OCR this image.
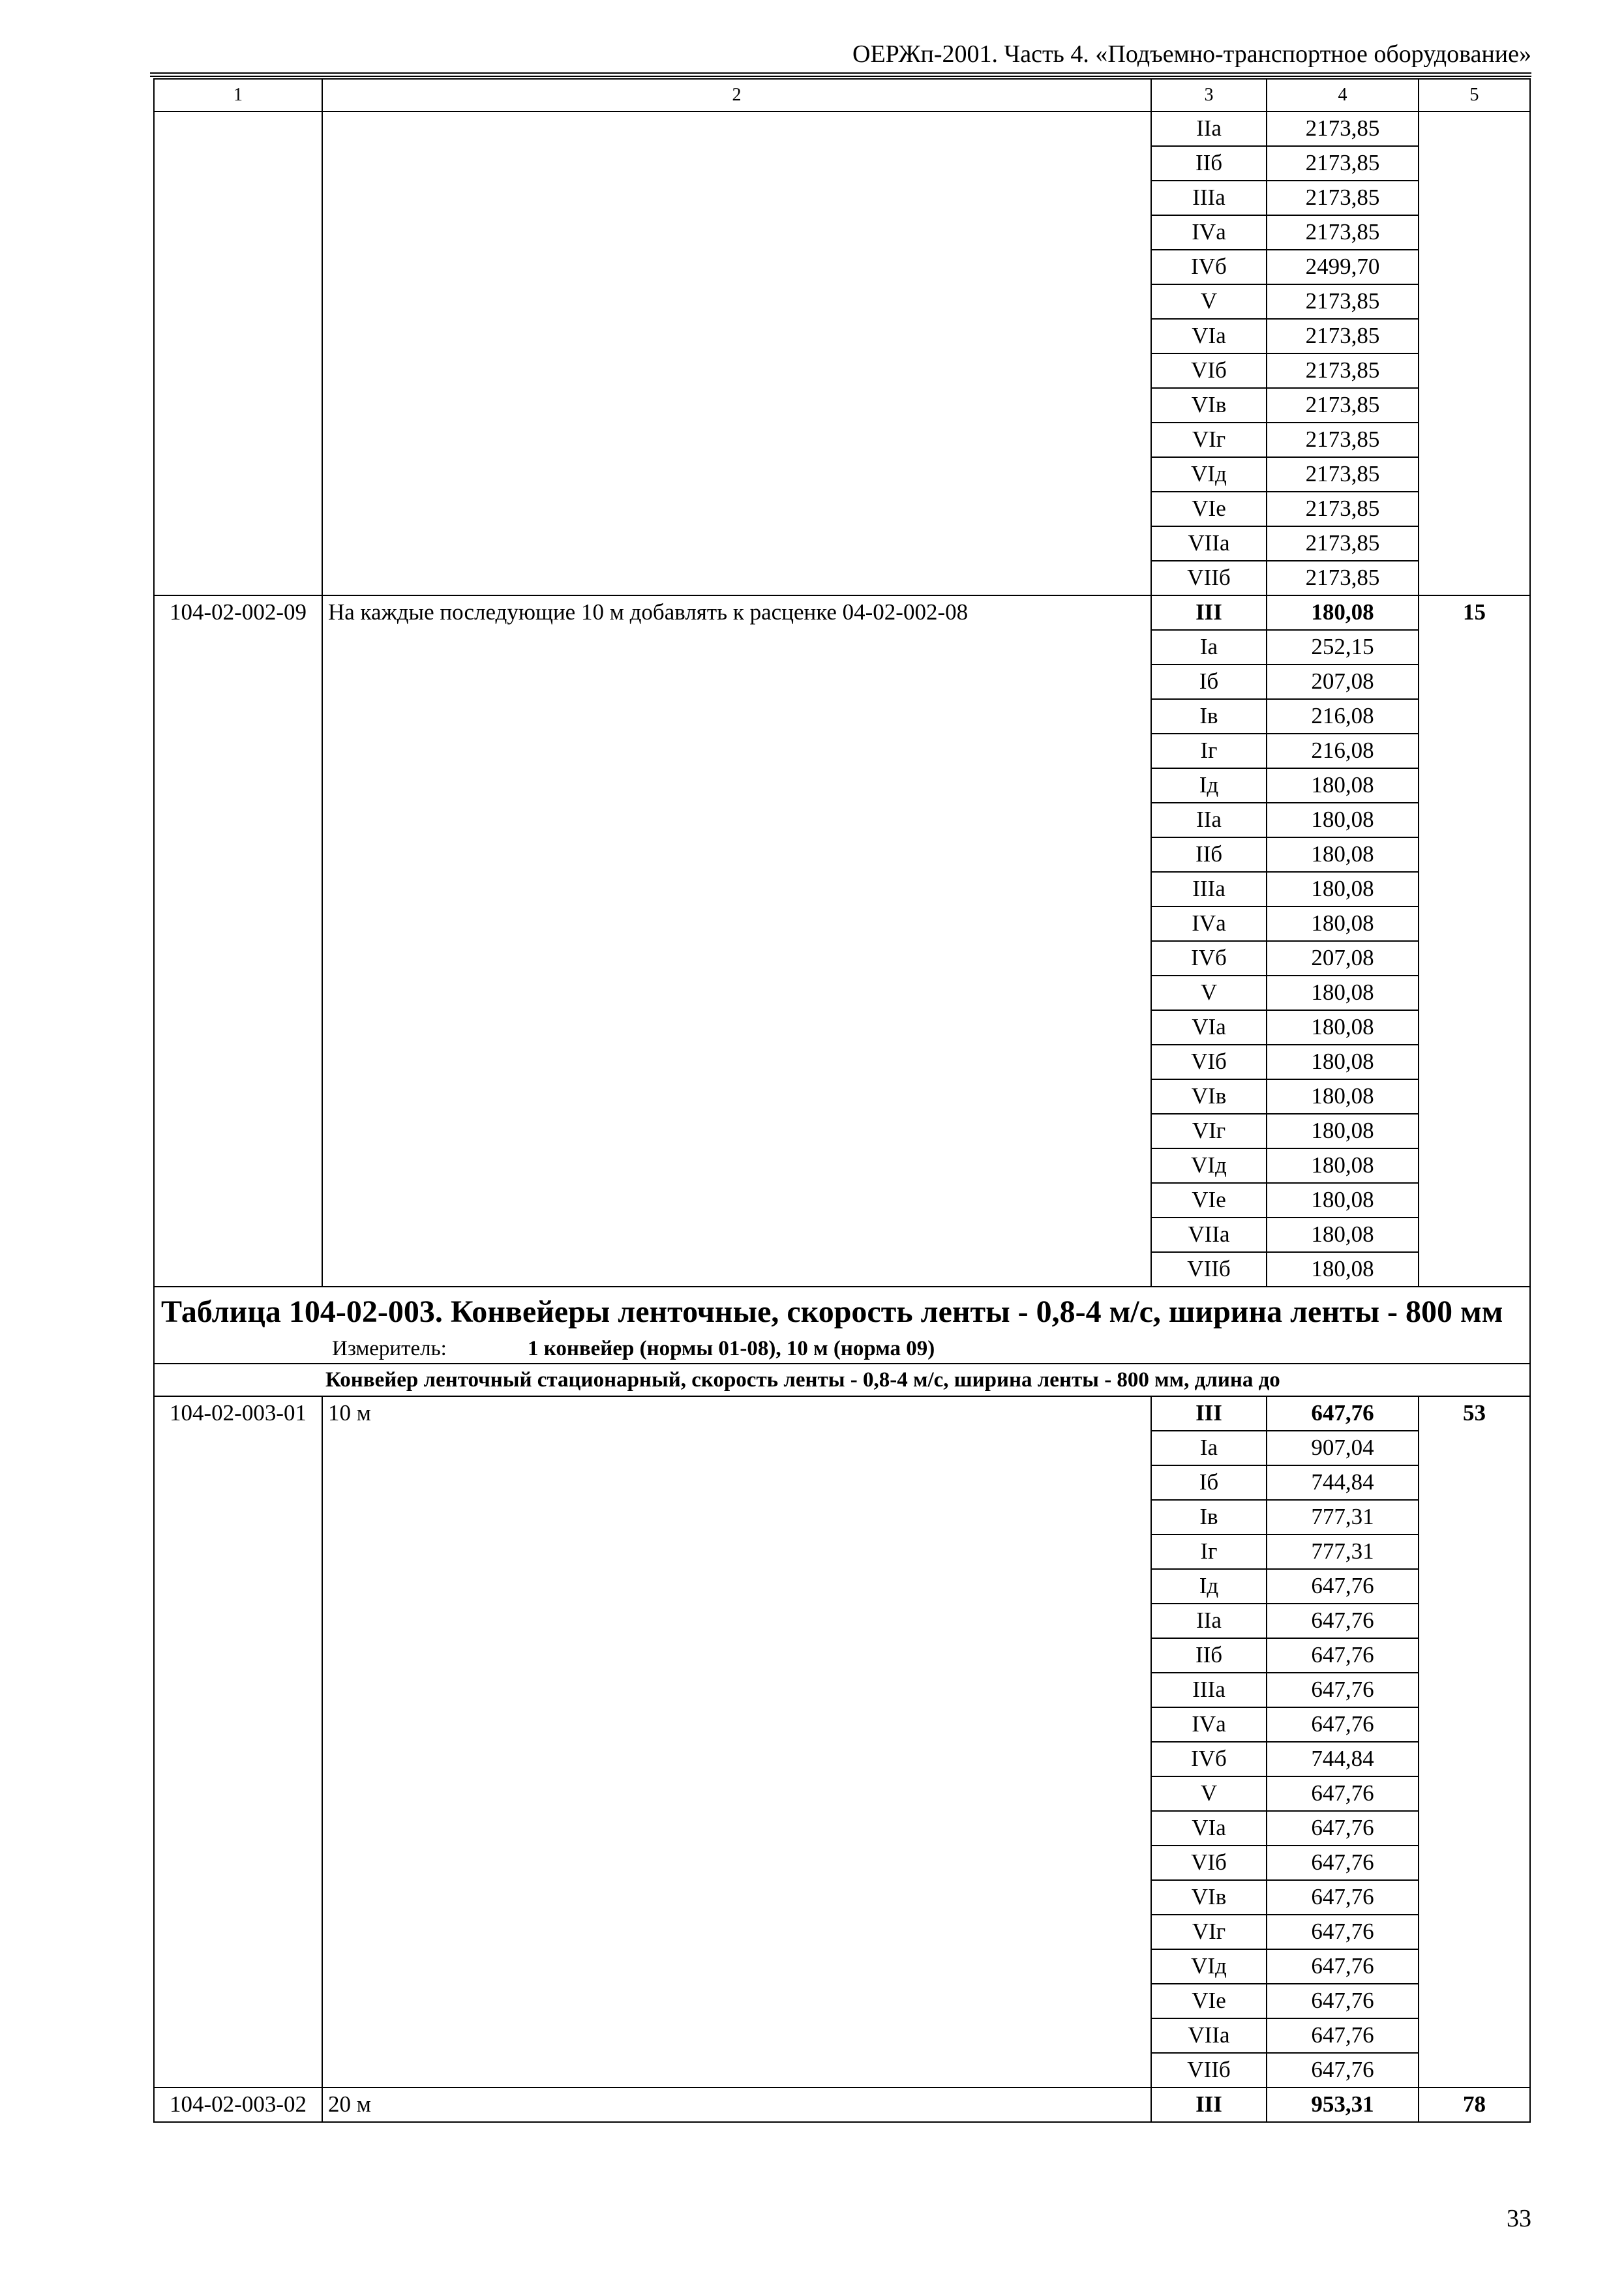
ОЕРЖп-2001. Часть 4. «Подъемно-транспортное оборудование»
1	2	3	4	5
		IIа	2173,85	
		IIб	2173,85	
		IIIа	2173,85	
		IVа	2173,85	
		IVб	2499,70	
		V	2173,85	
		VIа	2173,85	
		VIб	2173,85	
		VIв	2173,85	
		VIг	2173,85	
		VIд	2173,85	
		VIе	2173,85	
		VIIа	2173,85	
		VIIб	2173,85	
104-02-002-09	На каждые последующие 10 м добавлять к расценке 04-02-002-08	III	180,08	15
		Iа	252,15	
		Iб	207,08	
		Iв	216,08	
		Iг	216,08	
		Iд	180,08	
		IIа	180,08	
		IIб	180,08	
		IIIа	180,08	
		IVа	180,08	
		IVб	207,08	
		V	180,08	
		VIа	180,08	
		VIб	180,08	
		VIв	180,08	
		VIг	180,08	
		VIд	180,08	
		VIе	180,08	
		VIIа	180,08	
		VIIб	180,08	

Таблица 104-02-003. Конвейеры ленточные, скорость ленты - 0,8-4 м/с, ширина ленты - 800 мм
Измеритель: 1 конвейер (нормы 01-08), 10 м (норма 09)				

Конвейер ленточный стационарный, скорость ленты - 0,8-4 м/с, ширина ленты - 800 мм, длина до				
104-02-003-01	10 м	III	647,76	53
		Iа	907,04	
		Iб	744,84	
		Iв	777,31	
		Iг	777,31	
		Iд	647,76	
		IIа	647,76	
		IIб	647,76	
		IIIа	647,76	
		IVа	647,76	
		IVб	744,84	
		V	647,76	
		VIа	647,76	
		VIб	647,76	
		VIв	647,76	
		VIг	647,76	
		VIд	647,76	
		VIе	647,76	
		VIIа	647,76	
		VIIб	647,76	
104-02-003-02	20 м	III	953,31	78
33
